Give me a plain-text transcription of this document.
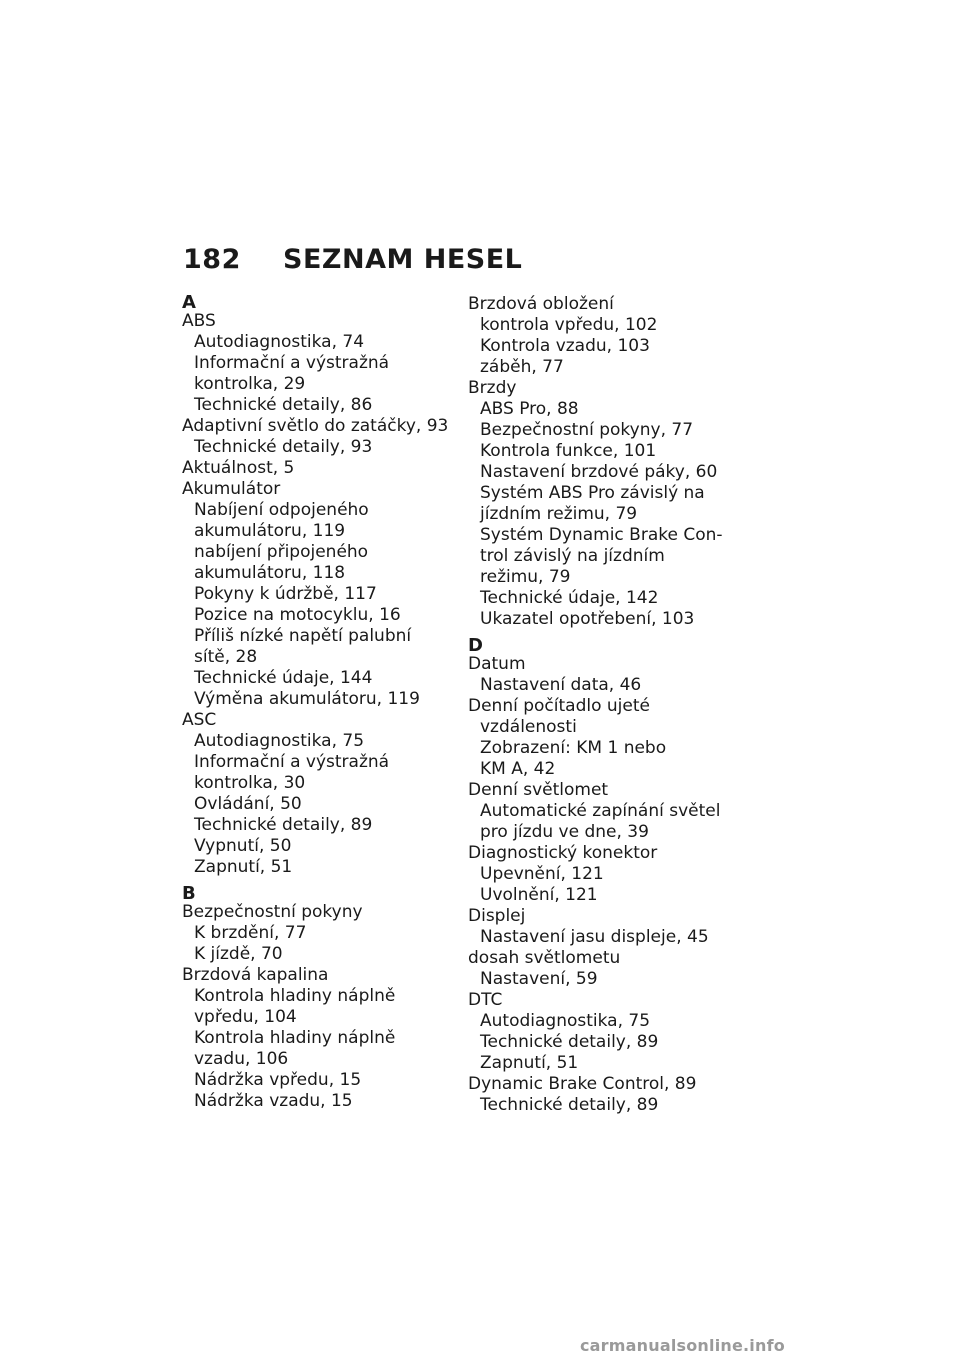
182 SEZNAM HESEL
A
ABS
Autodiagnostika, 74
Informační a výstražná
kontrolka, 29
Technické detaily, 86
Adaptivní světlo do zatáčky, 93
Technické detaily, 93
Aktuálnost, 5
Akumulátor
Nabíjení odpojeného
akumulátoru, 119
nabíjení připojeného
akumulátoru, 118
Pokyny k údržbě, 117
Pozice na motocyklu, 16
Příliš nízké napětí palubní
sítě, 28
Technické údaje, 144
Výměna akumulátoru, 119
ASC
Autodiagnostika, 75
Informační a výstražná
kontrolka, 30
Ovládání, 50
Technické detaily, 89
Vypnutí, 50
Zapnutí, 51
B
Bezpečnostní pokyny
K brzdění, 77
K jízdě, 70
Brzdová kapalina
Kontrola hladiny náplně
vpředu, 104
Kontrola hladiny náplně
vzadu, 106
Nádržka vpředu, 15
Nádržka vzadu, 15
Brzdová obložení
kontrola vpředu, 102
Kontrola vzadu, 103
záběh, 77
Brzdy
ABS Pro, 88
Bezpečnostní pokyny, 77
Kontrola funkce, 101
Nastavení brzdové páky, 60
Systém ABS Pro závislý na
jízdním režimu, 79
Systém Dynamic Brake Con-
trol závislý na jízdním
režimu, 79
Technické údaje, 142
Ukazatel opotřebení, 103
D
Datum
Nastavení data, 46
Denní počítadlo ujeté
vzdálenosti
Zobrazení: KM 1 nebo
KM A, 42
Denní světlomet
Automatické zapínání světel
pro jízdu ve dne, 39
Diagnostický konektor
Upevnění, 121
Uvolnění, 121
Displej
Nastavení jasu displeje, 45
dosah světlometu
Nastavení, 59
DTC
Autodiagnostika, 75
Technické detaily, 89
Zapnutí, 51
Dynamic Brake Control, 89
Technické detaily, 89
carmanualsonline.info
